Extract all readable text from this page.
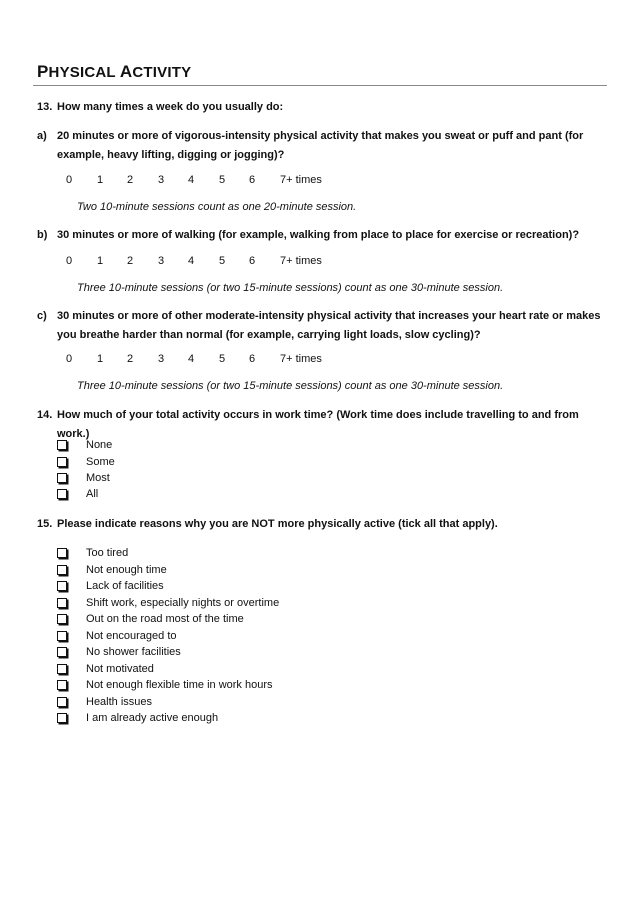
PHYSICAL ACTIVITY
13. How many times a week do you usually do:
a) 20 minutes or more of vigorous-intensity physical activity that makes you sweat or puff and pant (for example, heavy lifting, digging or jogging)?
0 1 2 3 4 5 6 7+ times
Two 10-minute sessions count as one 20-minute session.
b) 30 minutes or more of walking (for example, walking from place to place for exercise or recreation)?
0 1 2 3 4 5 6 7+ times
Three 10-minute sessions (or two 15-minute sessions) count as one 30-minute session.
c) 30 minutes or more of other moderate-intensity physical activity that increases your heart rate or makes you breathe harder than normal (for example, carrying light loads, slow cycling)?
0 1 2 3 4 5 6 7+ times
Three 10-minute sessions (or two 15-minute sessions) count as one 30-minute session.
14. How much of your total activity occurs in work time? (Work time does include travelling to and from work.)
None
Some
Most
All
15. Please indicate reasons why you are NOT more physically active (tick all that apply).
Too tired
Not enough time
Lack of facilities
Shift work, especially nights or overtime
Out on the road most of the time
Not encouraged to
No shower facilities
Not motivated
Not enough flexible time in work hours
Health issues
I am already active enough
